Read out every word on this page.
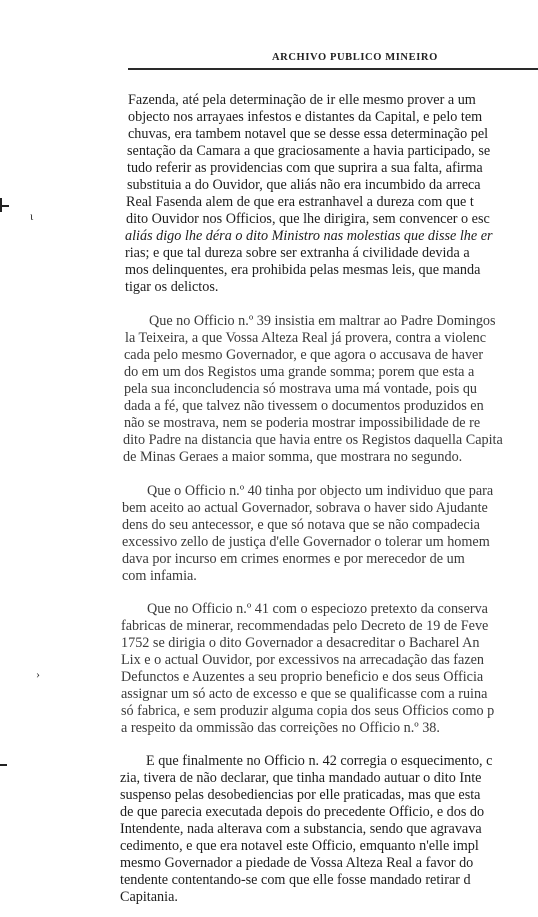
ARCHIVO PUBLICO MINEIRO
ɩ
›
Fazenda, até pela determinação de ir elle mesmo prover a um
objecto nos arrayaes infestos e distantes da Capital, e pelo tem
chuvas, era tambem notavel que se desse essa determinação pel
sentação da Camara a que graciosamente a havia participado, se
tudo referir as providencias com que suprira a sua falta, afirma
substituia a do Ouvidor, que aliás não era incumbido da arreca
Real Fasenda alem de que era estranhavel a dureza com que t
dito Ouvidor nos Officios, que lhe dirigira, sem convencer o esc
aliás digo lhe déra o dito Ministro nas molestias que disse lhe er
rias; e que tal dureza sobre ser extranha á civilidade devida a
mos delinquentes, era prohibida pelas mesmas leis, que manda
tigar os delictos.
Que no Officio n.º 39 insistia em maltrar ao Padre Domingos
la Teixeira, a que Vossa Alteza Real já provera, contra a violenc
cada pelo mesmo Governador, e que agora o accusava de haver
do em um dos Registos uma grande somma; porem que esta a
pela sua inconcludencia só mostrava uma má vontade, pois qu
dada a fé, que talvez não tivessem o documentos produzidos en
não se mostrava, nem se poderia mostrar impossibilidade de re
dito Padre na distancia que havia entre os Registos daquella Capita
de Minas Geraes a maior somma, que mostrara no segundo.
Que o Officio n.º 40 tinha por objecto um individuo que para
bem aceito ao actual Governador, sobrava o haver sido Ajudante
dens do seu antecessor, e que só notava que se não compadecia
excessivo zello de justiça d'elle Governador o tolerar um homem
dava por incurso em crimes enormes e por merecedor de um
com infamia.
Que no Officio n.º 41 com o especiozo pretexto da conserva
fabricas de minerar, recommendadas pelo Decreto de 19 de Feve
1752 se dirigia o dito Governador a desacreditar o Bacharel An
Lix e o actual Ouvidor, por excessivos na arrecadação das fazen
Defunctos e Auzentes a seu proprio beneficio e dos seus Officia
assignar um só acto de excesso e que se qualificasse com a ruina
só fabrica, e sem produzir alguma copia dos seus Officios como p
a respeito da ommissão das correições no Officio n.º 38.
E que finalmente no Officio n. 42 corregia o esquecimento, c
zia, tivera de não declarar, que tinha mandado autuar o dito Inte
suspenso pelas desobediencias por elle praticadas, mas que esta
de que parecia executada depois do precedente Officio, e dos do
Intendente, nada alterava com a substancia, sendo que agravava
cedimento, e que era notavel este Officio, emquanto n'elle impl
mesmo Governador a piedade de Vossa Alteza Real a favor do
tendente contentando-se com que elle fosse mandado retirar d
Capitania.
